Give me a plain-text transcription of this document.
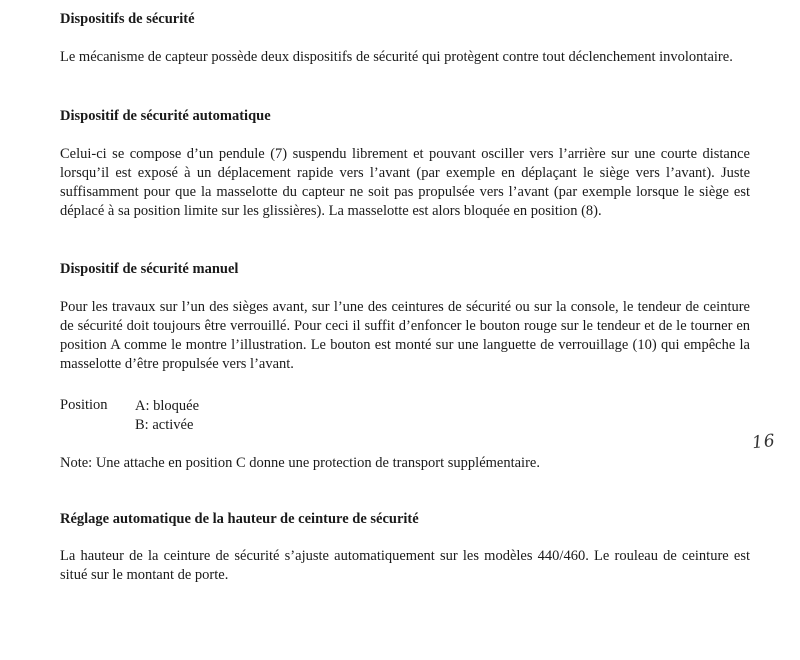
Dispositifs de sécurité
Le mécanisme de capteur possède deux dispositifs de sécurité qui protègent contre tout déclenchement involontaire.
Dispositif de sécurité automatique
Celui-ci se compose d’un pendule (7) suspendu librement et pouvant osciller vers l’arrière sur une courte distance lorsqu’il est exposé à un déplacement rapide vers l’avant (par exemple en déplaçant le siège vers l’avant). Juste suffisamment pour que la masselotte du capteur ne soit pas propulsée vers l’avant (par exemple lorsque le siège est déplacé à sa position limite sur les glissières). La masselotte est alors bloquée en position (8).
Dispositif de sécurité manuel
Pour les travaux sur l’un des sièges avant, sur l’une des ceintures de sécurité ou sur la console, le tendeur de ceinture de sécurité doit toujours être verrouillé. Pour ceci il suffit d’enfoncer le bouton rouge sur le tendeur et de le tourner en position A comme le montre l’illustration. Le bouton est monté sur une languette de verrouillage (10) qui empêche la masselotte d’être propulsée vers l’avant.
Position A: bloquée
B: activée
16
Note: Une attache en position C donne une protection de transport supplémentaire.
Réglage automatique de la hauteur de ceinture de sécurité
La hauteur de la ceinture de sécurité s’ajuste automatiquement sur les modèles 440/460. Le rouleau de ceinture est situé sur le montant de porte.
